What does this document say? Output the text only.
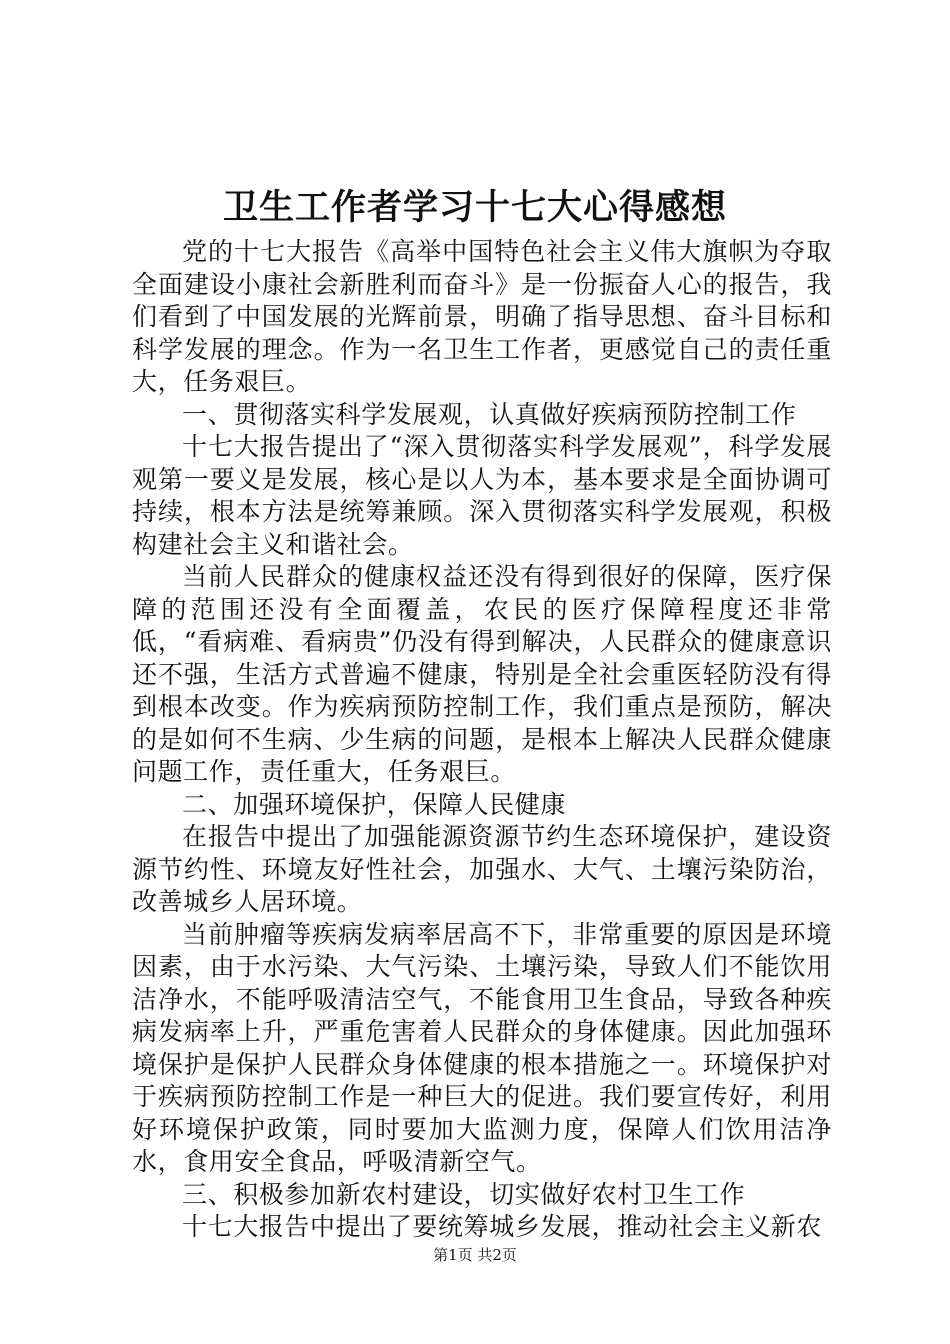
卫生工作者学习十七大心得感想

党的十七大报告《高举中国特色社会主义伟大旗帜为夺取全面建设小康社会新胜利而奋斗》是一份振奋人心的报告，我们看到了中国发展的光辉前景，明确了指导思想、奋斗目标和科学发展的理念。作为一名卫生工作者，更感觉自己的责任重大，任务艰巨。

一、贯彻落实科学发展观，认真做好疾病预防控制工作

十七大报告提出了“深入贯彻落实科学发展观”，科学发展观第一要义是发展，核心是以人为本，基本要求是全面协调可持续，根本方法是统筹兼顾。深入贯彻落实科学发展观，积极构建社会主义和谐社会。

当前人民群众的健康权益还没有得到很好的保障，医疗保障的范围还没有全面覆盖，农民的医疗保障程度还非常低，“看病难、看病贵”仍没有得到解决，人民群众的健康意识还不强，生活方式普遍不健康，特别是全社会重医轻防没有得到根本改变。作为疾病预防控制工作，我们重点是预防，解决的是如何不生病、少生病的问题，是根本上解决人民群众健康问题工作，责任重大，任务艰巨。

二、加强环境保护，保障人民健康

在报告中提出了加强能源资源节约生态环境保护，建设资源节约性、环境友好性社会，加强水、大气、土壤污染防治，改善城乡人居环境。

当前肿瘤等疾病发病率居高不下，非常重要的原因是环境因素，由于水污染、大气污染、土壤污染，导致人们不能饮用洁净水，不能呼吸清洁空气，不能食用卫生食品，导致各种疾病发病率上升，严重危害着人民群众的身体健康。因此加强环境保护是保护人民群众身体健康的根本措施之一。环境保护对于疾病预防控制工作是一种巨大的促进。我们要宣传好，利用好环境保护政策，同时要加大监测力度，保障人们饮用洁净水，食用安全食品，呼吸清新空气。

三、积极参加新农村建设，切实做好农村卫生工作

十七大报告中提出了要统筹城乡发展，推动社会主义新农

第1页 共2页
